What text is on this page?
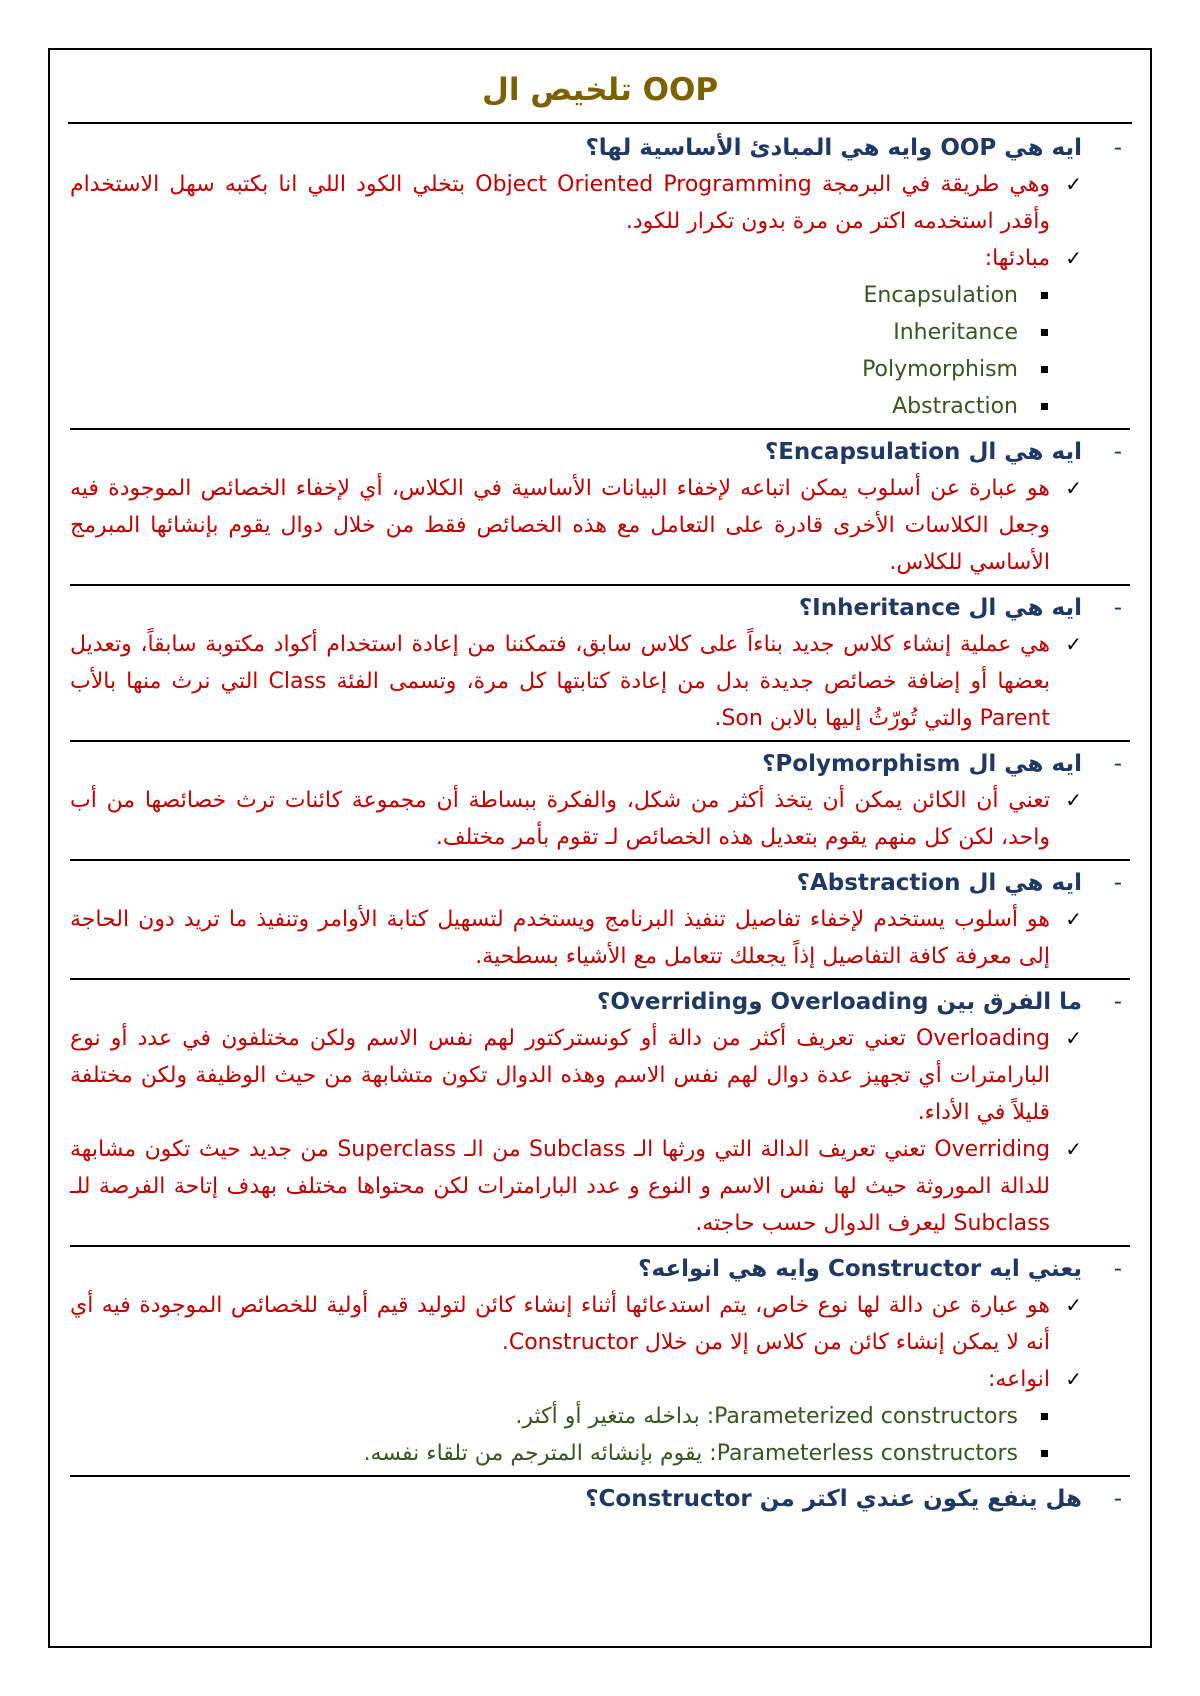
تلخيص ال OOP
-
ايه هي OOP وايه هي المبادئ الأساسية لها؟
✓
وهي طريقة في البرمجة Object Oriented Programming بتخلي الكود اللي انا بكتبه سهل الاستخدام وأقدر استخدمه اكتر من مرة بدون تكرار للكود.
✓
مبادئها:
Encapsulation
Inheritance
Polymorphism
Abstraction
-
ايه هي ال Encapsulation؟
✓
هو عبارة عن أسلوب يمكن اتباعه لإخفاء البيانات الأساسية في الكلاس، أي لإخفاء الخصائص الموجودة فيه وجعل الكلاسات الأخرى قادرة على التعامل مع هذه الخصائص فقط من خلال دوال يقوم بإنشائها المبرمج الأساسي للكلاس.
-
ايه هي ال Inheritance؟
✓
هي عملية إنشاء كلاس جديد بناءاً على كلاس سابق، فتمكننا من إعادة استخدام أكواد مكتوبة سابقاً، وتعديل بعضها أو إضافة خصائص جديدة بدل من إعادة كتابتها كل مرة، وتسمى الفئة Class التي نرث منها بالأب Parent والتي تُورّثُ إليها بالابن Son.
-
ايه هي ال Polymorphism؟
✓
تعني أن الكائن يمكن أن يتخذ أكثر من شكل، والفكرة ببساطة أن مجموعة كائنات ترث خصائصها من أب واحد، لكن كل منهم يقوم بتعديل هذه الخصائص لـ تقوم بأمر مختلف.
-
ايه هي ال Abstraction؟
✓
هو أسلوب يستخدم لإخفاء تفاصيل تنفيذ البرنامج ويستخدم لتسهيل كتابة الأوامر وتنفيذ ما تريد دون الحاجة إلى معرفة كافة التفاصيل إذاً يجعلك تتعامل مع الأشياء بسطحية.
-
ما الفرق بين Overloading وOverriding؟
✓
Overloading تعني تعريف أكثر من دالة أو كونستركتور لهم نفس الاسم ولكن مختلفون في عدد أو نوع البارامترات أي تجهيز عدة دوال لهم نفس الاسم وهذه الدوال تكون متشابهة من حيث الوظيفة ولكن مختلفة قليلاً في الأداء.
✓
Overriding تعني تعريف الدالة التي ورثها الـ Subclass من الـ Superclass من جديد حيث تكون مشابهة للدالة الموروثة حيث لها نفس الاسم و النوع و عدد البارامترات لكن محتواها مختلف بهدف إتاحة الفرصة للـ Subclass ليعرف الدوال حسب حاجته.
-
يعني ايه Constructor وايه هي انواعه؟
✓
هو عبارة عن دالة لها نوع خاص، يتم استدعائها أثناء إنشاء كائن لتوليد قيم أولية للخصائص الموجودة فيه أي أنه لا يمكن إنشاء كائن من كلاس إلا من خلال Constructor.
✓
انواعه:
Parameterized constructors: بداخله متغير أو أكثر.
Parameterless constructors: يقوم بإنشائه المترجم من تلقاء نفسه.
-
هل ينفع يكون عندي اكتر من Constructor؟
